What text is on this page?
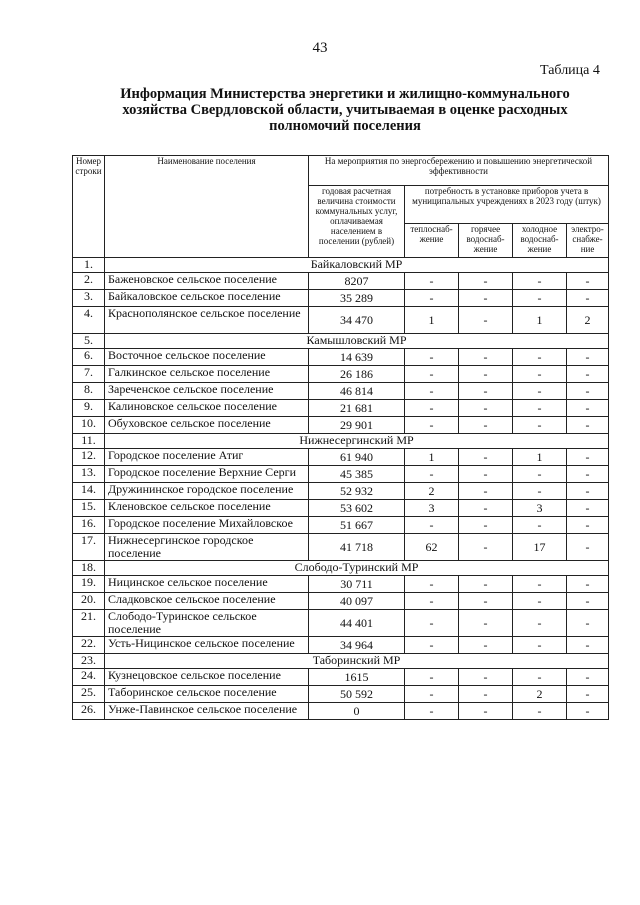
43
Таблица 4
Информация Министерства энергетики и жилищно-коммунального хозяйства Свердловской области, учитываемая в оценке расходных полномочий поселения
Номер строки	Наименование поселения	На мероприятия по энергосбережению и повышению энергетической эффективности				
		годовая расчетная величина стоимости коммунальных услуг, оплачиваемая населением в поселении (рублей)	потребность в установке приборов учета в муниципальных учреждениях в 2023 году (штук)			
			теплоснаб-жение	горячее водоснаб-жение	холодное водоснаб-жение	электро-снабже-ние
1.	Байкаловский МР					
2.	Баженовское сельское поселение	8207	-	-	-	-
3.	Байкаловское сельское поселение	35 289	-	-	-	-
4.	Краснополянское сельское поселение	34 470	1	-	1	2
5.	Камышловский МР					
6.	Восточное сельское поселение	14 639	-	-	-	-
7.	Галкинское сельское поселение	26 186	-	-	-	-
8.	Зареченское сельское поселение	46 814	-	-	-	-
9.	Калиновское сельское поселение	21 681	-	-	-	-
10.	Обуховское сельское поселение	29 901	-	-	-	-
11.	Нижнесергинский МР					
12.	Городское поселение Атиг	61 940	1	-	1	-
13.	Городское поселение Верхние Серги	45 385	-	-	-	-
14.	Дружининское городское поселение	52 932	2	-	-	-
15.	Кленовское сельское поселение	53 602	3	-	3	-
16.	Городское поселение Михайловское	51 667	-	-	-	-
17.	Нижнесергинское городское поселение	41 718	62	-	17	-
18.	Слободо-Туринский МР					
19.	Ницинское сельское поселение	30 711	-	-	-	-
20.	Сладковское сельское поселение	40 097	-	-	-	-
21.	Слободо-Туринское сельское поселение	44 401	-	-	-	-
22.	Усть-Ницинское сельское поселение	34 964	-	-	-	-
23.	Таборинский МР					
24.	Кузнецовское сельское поселение	1615	-	-	-	-
25.	Таборинское сельское поселение	50 592	-	-	2	-
26.	Унже-Павинское сельское поселение	0	-	-	-	-
